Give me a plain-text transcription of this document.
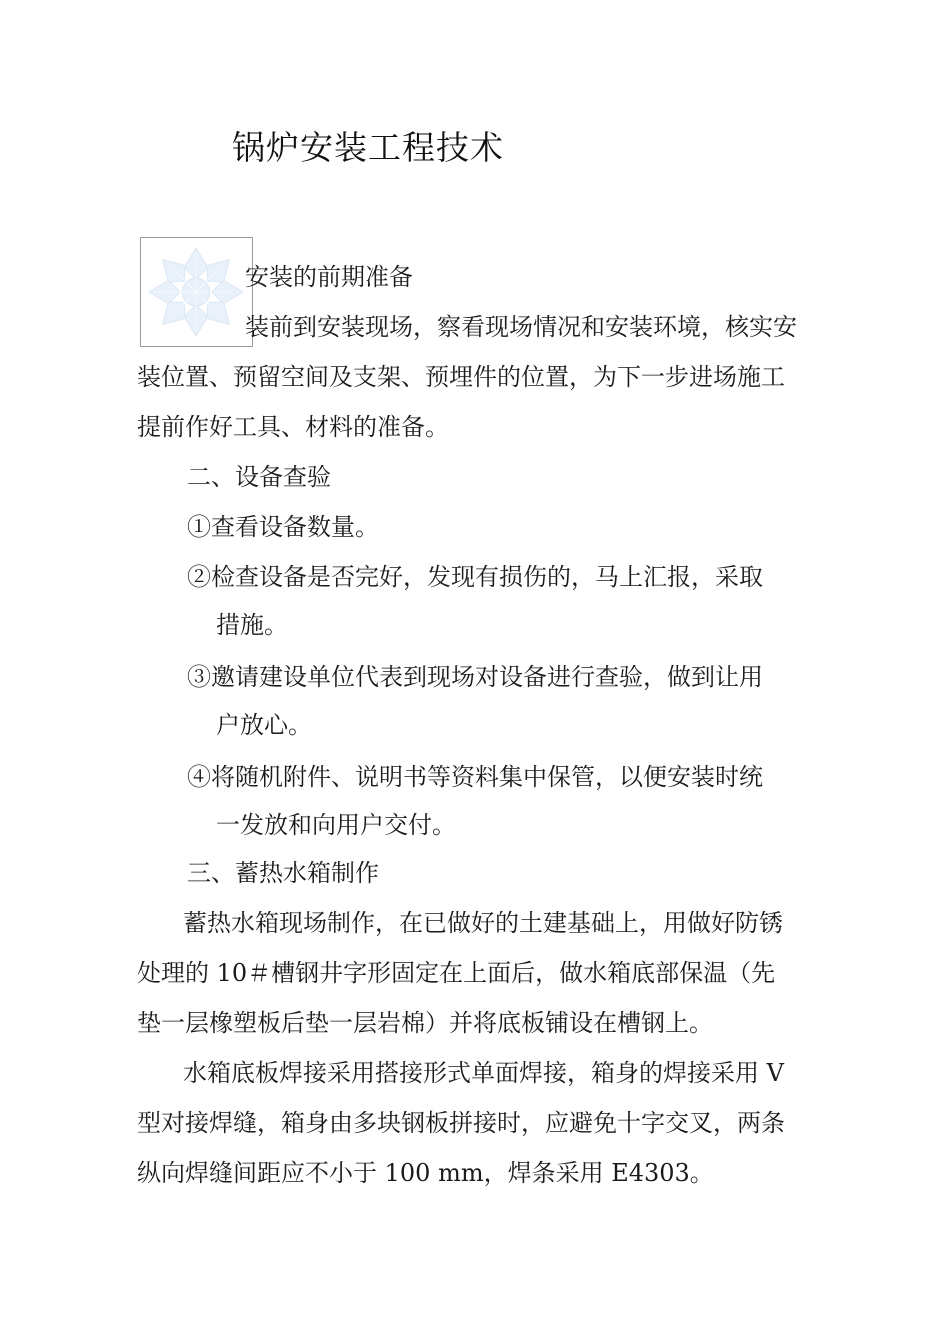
锅炉安装工程技术
安装的前期准备
装前到安装现场，察看现场情况和安装环境，核实安
装位置、预留空间及支架、预埋件的位置，为下一步进场施工
提前作好工具、材料的准备。
二、设备查验
①查看设备数量。
②检查设备是否完好，发现有损伤的，马上汇报，采取
措施。
③邀请建设单位代表到现场对设备进行查验，做到让用
户放心。
④将随机附件、说明书等资料集中保管，以便安装时统
一发放和向用户交付。
三、蓄热水箱制作
蓄热水箱现场制作，在已做好的土建基础上，用做好防锈
处理的 10＃槽钢井字形固定在上面后，做水箱底部保温（先
垫一层橡塑板后垫一层岩棉）并将底板铺设在槽钢上。
水箱底板焊接采用搭接形式单面焊接，箱身的焊接采用 V
型对接焊缝，箱身由多块钢板拼接时，应避免十字交叉，两条
纵向焊缝间距应不小于 100 mm，焊条采用 E4303。
